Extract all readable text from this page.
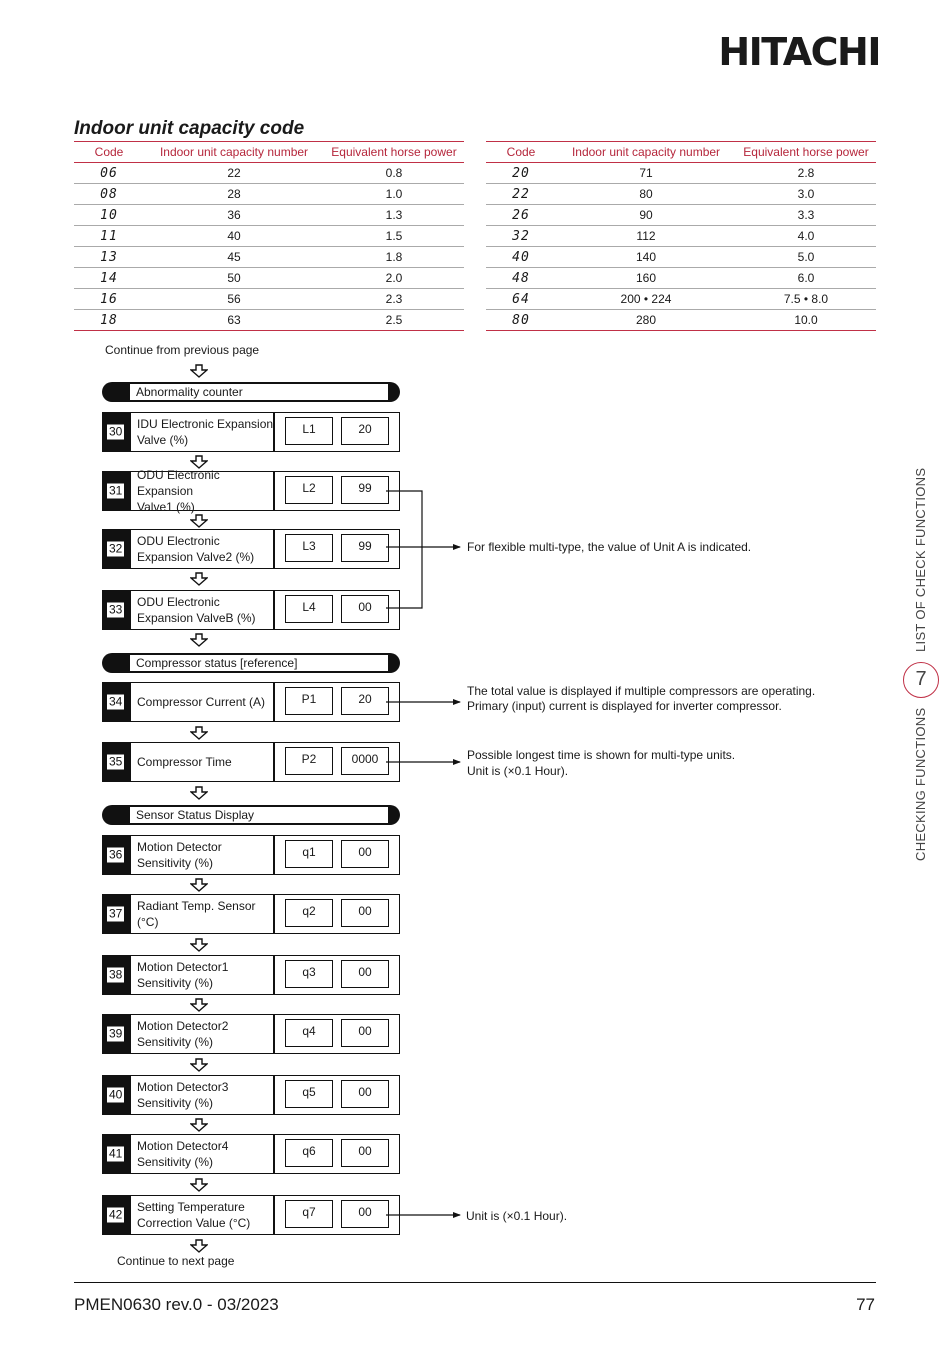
HITACHI
Indoor unit capacity code
Code	Indoor unit capacity number	Equivalent horse power
06	22	0.8
08	28	1.0
10	36	1.3
11	40	1.5
13	45	1.8
14	50	2.0
16	56	2.3
18	63	2.5
Code	Indoor unit capacity number	Equivalent horse power
20	71	2.8
22	80	3.0
26	90	3.3
32	112	4.0
40	140	5.0
48	160	6.0
64	200 • 224	7.5 • 8.0
80	280	10.0
Continue from previous page
Abnormality counter
Compressor status [reference]
Sensor Status Display
30
IDU Electronic Expansion
Valve (%)
L1	20
31
ODU Electronic Expansion
Valve1 (%)
L2	99
32
ODU Electronic
Expansion Valve2 (%)
L3	99
33
ODU Electronic
Expansion ValveB (%)
L4	00
34 Compressor Current (A)	P1	20
35 Compressor Time	P2	0000
36
Motion Detector
Sensitivity (%)
q1	00
37
Radiant Temp. Sensor (°C)
q2	00
38
Motion Detector1
Sensitivity (%)
q3	00
39
Motion Detector2
Sensitivity (%)
q4	00
40
Motion Detector3
Sensitivity (%)
q5	00
41
Motion Detector4
Sensitivity (%)
q6	00
42
Setting Temperature
Correction Value (°C)
q7	00
For flexible multi-type, the value of Unit A is indicated.
The total value is displayed if multiple compressors are operating.
Primary (input) current is displayed for inverter compressor.
Possible longest time is shown for multi-type units.
Unit is (×0.1 Hour).
Unit is (×0.1 Hour).
Continue to next page
7
LIST OF CHECK FUNCTIONS
CHECKING FUNCTIONS
PMEN0630 rev.0 - 03/2023	77
